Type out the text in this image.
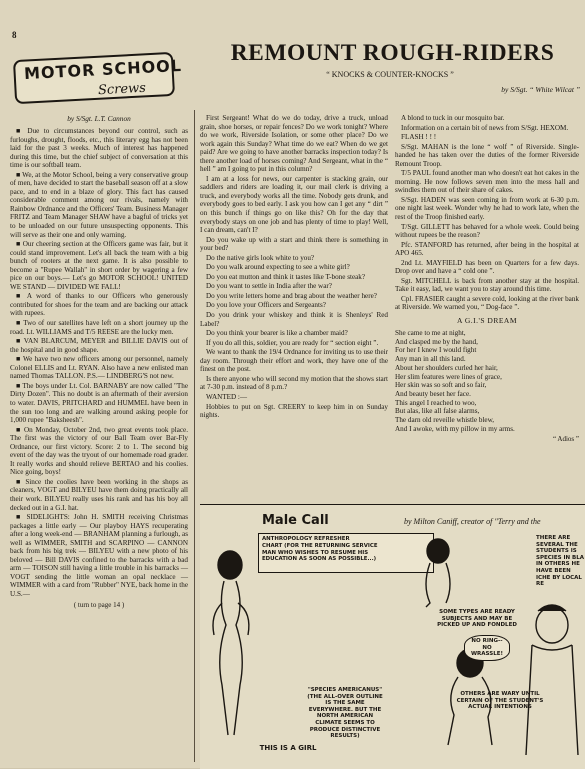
8
MOTOR SCHOOL
Screws
by S/Sgt. L.T. Cannon

■ Due to circumstances beyond our control, such as furloughs, drought, floods, etc., this literary egg has not been laid for the past 3 weeks. Much of interest has happened during this time, but the chief subject of conversation at this time is our softball team.

■ We, at the Motor School, being a very conservative group of men, have decided to start the baseball season off at a slow pace, and to end in a blaze of glory. This fact has caused considerable comment among our rivals, namely with Rainbow Ordnance and the Officers' Team. Business Manager FRITZ and Team Manager SHAW have a bagful of tricks yet to be unloaded on our future unsuspecting opponents. This will serve as their one and only warning.

■ Our cheering section at the Officers game was fair, but it could stand improvement. Let's all back the team with a big bunch of rooters at the next game. It is also possible to become a "Rupee Wallah" in short order by wagering a few pice on our boys.— Let's go MOTOR SCHOOL! UNITED WE STAND — DIVIDED WE FALL!

■ A word of thanks to our Officers who generously contributed for shoes for the team and are backing our attack with rupees.

■ Two of our satellites have left on a short journey up the road. Lt. WILLIAMS and T/5 REESE are the lucky men.

■ VAN BLARCUM, MEYER and BILLIE DAVIS out of the hospital and in good shape.

■ We have two new officers among our personnel, namely Colonel ELLIS and Lt. RYAN. Also have a new enlisted man named Thomas TALLON. P.S.— LINDBERG'S not new.

■ The boys under Lt. Col. BARNABY are now called "The Dirty Dozen". This no doubt is an aftermath of their aversion to water. DAVIS, PRITCHARD and HUMMEL have been in the sun too long and are walking around asking people for 1,000 rupee "Baksheesh".

■ On Monday, October 2nd, two great events took place. The first was the victory of our Ball Team over Bar-Fly Ordnance, our first victory. Score: 2 to 1. The second big event of the day was the tryout of our homemade road grader. It really works and should relieve BERTAO and his coolies. Nice going, boys!

■ Since the coolies have been working in the shops as cleaners, VOGT and BILYEU have them doing practically all their work. BILYEU really uses his rank and has his boy all decked out in a G.I. hat.

■ SIDELIGHTS: John H. SMITH receiving Christmas packages a little early — Our playboy HAYS recuperating after a long week-end — BRANHAM planning a furlough, as well as WIMMER, SMITH and SCARPINO — CANNON back from his big trek — BILYEU with a new photo of his beloved — Bill DAVIS confined to the barracks with a bad arm — TOISON still having a little trouble in his barracks — VOGT sending the little woman an opal necklace — WIMMER with a card from "Rubber" NYE, back home in the U.S.—

( turn to page 14 )
REMOUNT ROUGH-RIDERS
“ KNOCKS & COUNTER-KNOCKS ”
by S/Sgt. “ White Wilcat ”

First Sergeant! What do we do today, drive a truck, unload grain, shoe horses, or repair fences? Do we work tonight? Where do we work, Riverside Isolation, or some other place? Do we work again this Sunday? What time do we eat? When do we get paid? Are we going to have another barracks inspection today? Is there another load of horses coming? And Sergeant, what in the “ hell ” am I going to put in this column?

I am at a loss for news, our carpenter is stacking grain, our saddlers and riders are loading it, our mail clerk is driving a truck, and everybody works all the time. Nobody gets drunk, and everybody goes to bed early. I ask you how can I get any “ dirt ” on this bunch if things go on like this? Oh for the day that everybody stays on one job and has plenty of time to play! Well, I can dream, can't I?

Do you wake up with a start and think there is something in your bed?

Do the native girls look white to you?

Do you walk around expecting to see a white girl?

Do you eat mutton and think it tastes like T-bone steak?

Do you want to settle in India after the war?

Do you write letters home and brag about the weather here?

Do you love your Officers and Sergeants?

Do you drink your whiskey and think it is Shenleys' Red Label?

Do you think your bearer is like a chamber maid?

If you do all this, soldier, you are ready for “ section eight ”.

We want to thank the 19/4 Ordnance for inviting us to use their day room. Through their effort and work, they have one of the finest on the post.

Is there anyone who will second my motion that the shows start at 7-30 p.m. instead of 8 p.m.?

WANTED :—

Hobbies to put on Sgt. CREERY to keep him in on Sunday nights.

A blond to tuck in our mosquito bar.

Information on a certain bit of news from S/Sgt. HEXOM.

FLASH ! ! !

S/Sgt. MAHAN is the lone “ wolf ” of Riverside. Single-handed he has taken over the duties of the former Riverside Remount Troop.

T/5 PAUL found another man who doesn't eat hot cakes in the morning. He now follows seven men into the mess hall and swindles them out of their share of cakes.

S/Sgt. HADEN was seen coming in from work at 6-30 p.m. one night last week. Wonder why he had to work late, when the rest of the Troop finished early.

T/Sgt. GILLETT has behaved for a whole week. Could being without rupees be the reason?

Pfc. STANFORD has returned, after being in the hospital at APO 465.

2nd Lt. MAYFIELD has been on Quarters for a few days. Drop over and have a “ cold one ”.

Sgt. MITCHELL is back from another stay at the hospital. Take it easy, lad, we want you to stay around this time.

Cpl. FRASIER caught a severe cold, looking at the river bank at Riverside. We warned you, “ Dog-face ”.

A G.I.'S DREAM

She came to me at night,

And clasped me by the hand,

For her I knew I would fight

Any man in all this land.

About her shoulders curled her hair,

Her slim features were lines of grace,

Her skin was so soft and so fair,

And beauty beset her face.

This angel I reached to woo,

But alas, like all false alarms,

The darn old reveille whistle blew,

And I awoke, with my pillow in my arms.

“ Adios ”
Male Call	by Milton Caniff, creator of "Terry and the
ANTHROPOLOGY REFRESHER
CHART (FOR THE RETURNING SERVICE
MAN WHO WISHES TO RESUME HIS
EDUCATION AS SOON AS POSSIBLE...)
THERE ARE SEVERAL THE STUDENTS IS SPECIES IN BLA IN OTHERS HE HAVE BEEN ICHE BY LOCAL RE
SOME TYPES ARE READY SUBJECTS AND MAY BE PICKED UP AND FONDLED
NO RING-- NO WRASSLE!
"SPECIES AMERICANUS" (THE ALL-OVER OUTLINE IS THE SAME EVERYWHERE. BUT THE NORTH AMERICAN CLIMATE SEEMS TO PRODUCE DISTINCTIVE RESULTS)
OTHERS ARE WARY UNTIL CERTAIN OF THE STUDENT'S ACTUAL INTENTIONS
THIS IS A GIRL
